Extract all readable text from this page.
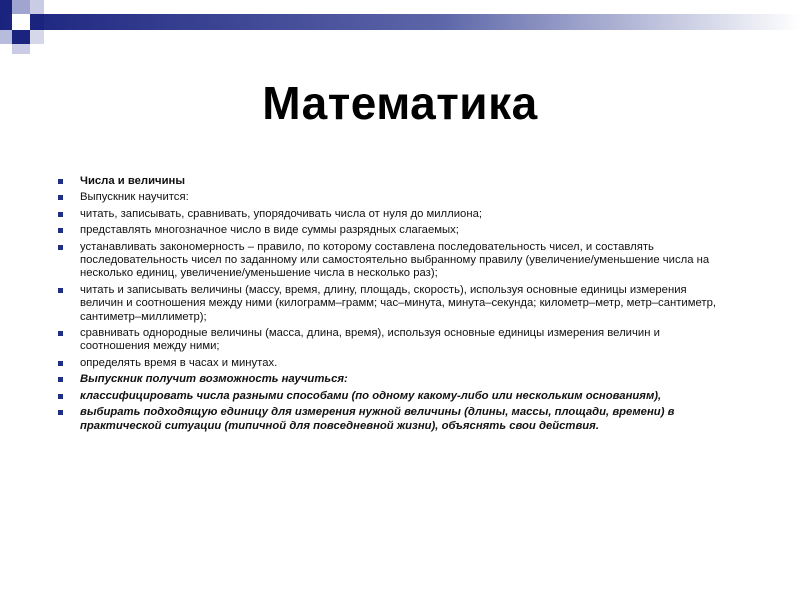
Математика
Числа и величины
Выпускник научится:
читать, записывать, сравнивать, упорядочивать числа от нуля до миллиона;
представлять многозначное число в виде суммы разрядных слагаемых;
устанавливать закономерность – правило, по которому составлена последовательность чисел, и составлять последовательность чисел по заданному или самостоятельно выбранному правилу (увеличение/уменьшение числа на несколько единиц, увеличение/уменьшение числа в несколько раз);
читать и записывать величины (массу, время, длину, площадь, скорость), используя основные единицы измерения величин и соотношения между ними (килограмм–грамм; час–минута, минута–секунда; километр–метр, метр–сантиметр, сантиметр–миллиметр);
сравнивать однородные величины (масса, длина, время), используя основные единицы измерения величин и соотношения между ними;
определять время в часах и минутах.
Выпускник получит возможность научиться:
классифицировать числа разными способами (по одному какому-либо или нескольким основаниям),
выбирать подходящую единицу для измерения нужной величины (длины, массы, площади, времени) в практической ситуации (типичной для повседневной жизни), объяснять свои действия.
